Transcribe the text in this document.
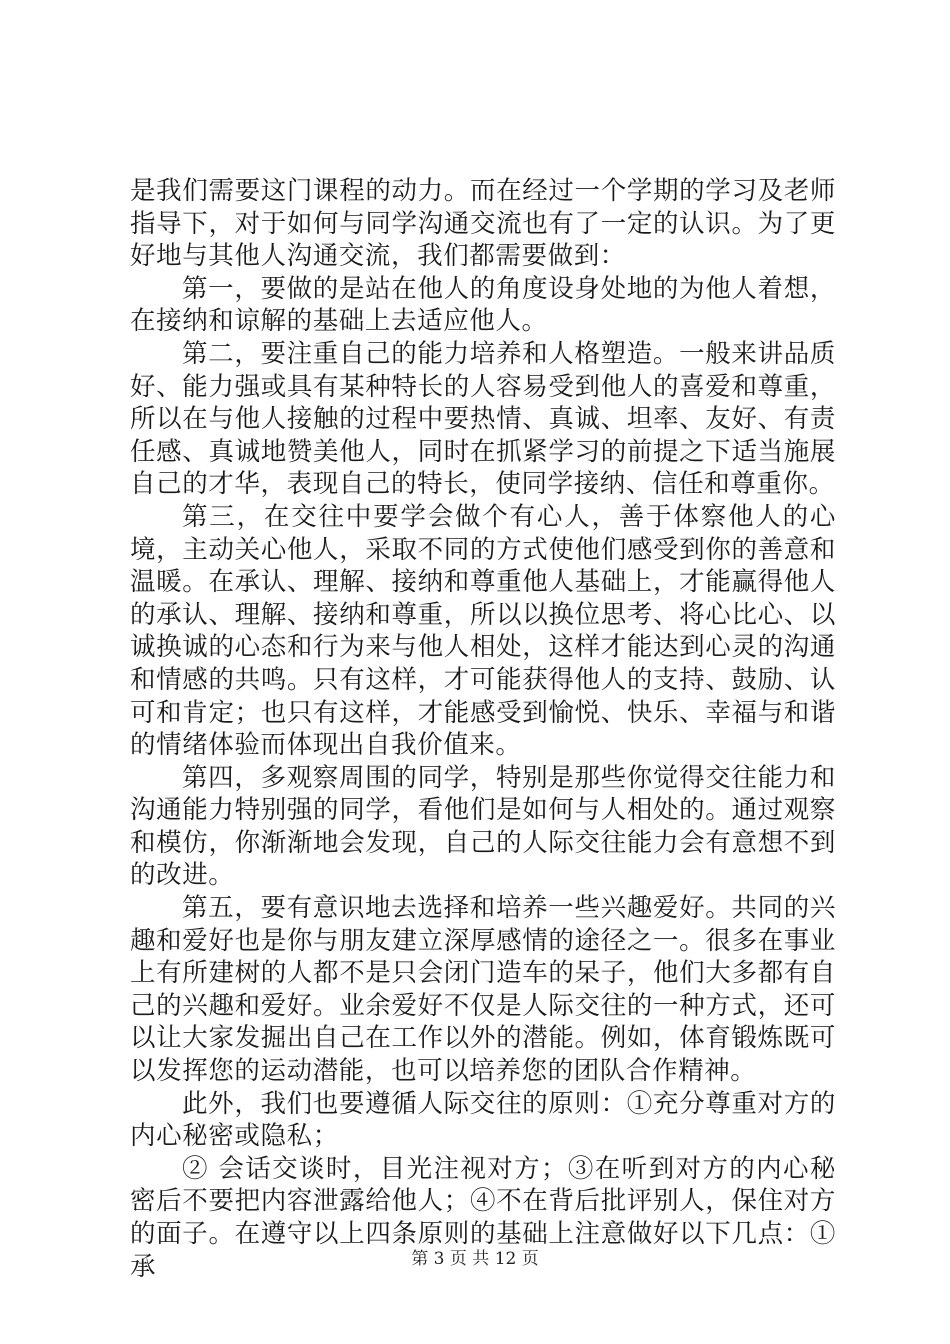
是我们需要这门课程的动力。而在经过一个学期的学习及老师指导下，对于如何与同学沟通交流也有了一定的认识。为了更好地与其他人沟通交流，我们都需要做到：

第一，要做的是站在他人的角度设身处地的为他人着想，在接纳和谅解的基础上去适应他人。

第二，要注重自己的能力培养和人格塑造。一般来讲品质好、能力强或具有某种特长的人容易受到他人的喜爱和尊重，所以在与他人接触的过程中要热情、真诚、坦率、友好、有责任感、真诚地赞美他人，同时在抓紧学习的前提之下适当施展自己的才华，表现自己的特长，使同学接纳、信任和尊重你。

第三，在交往中要学会做个有心人，善于体察他人的心境，主动关心他人，采取不同的方式使他们感受到你的善意和温暖。在承认、理解、接纳和尊重他人基础上，才能赢得他人的承认、理解、接纳和尊重，所以以换位思考、将心比心、以诚换诚的心态和行为来与他人相处，这样才能达到心灵的沟通和情感的共鸣。只有这样，才可能获得他人的支持、鼓励、认可和肯定；也只有这样，才能感受到愉悦、快乐、幸福与和谐的情绪体验而体现出自我价值来。

第四，多观察周围的同学，特别是那些你觉得交往能力和沟通能力特别强的同学，看他们是如何与人相处的。通过观察和模仿，你渐渐地会发现，自己的人际交往能力会有意想不到的改进。

第五，要有意识地去选择和培养一些兴趣爱好。共同的兴趣和爱好也是你与朋友建立深厚感情的途径之一。很多在事业上有所建树的人都不是只会闭门造车的呆子，他们大多都有自己的兴趣和爱好。业余爱好不仅是人际交往的一种方式，还可以让大家发掘出自己在工作以外的潜能。例如，体育锻炼既可以发挥您的运动潜能，也可以培养您的团队合作精神。

此外，我们也要遵循人际交往的原则：①充分尊重对方的内心秘密或隐私；

② 会话交谈时，目光注视对方；③在听到对方的内心秘密后不要把内容泄露给他人；④不在背后批评别人，保住对方的面子。在遵守以上四条原则的基础上注意做好以下几点：①承	第 3 页 共 12 页
